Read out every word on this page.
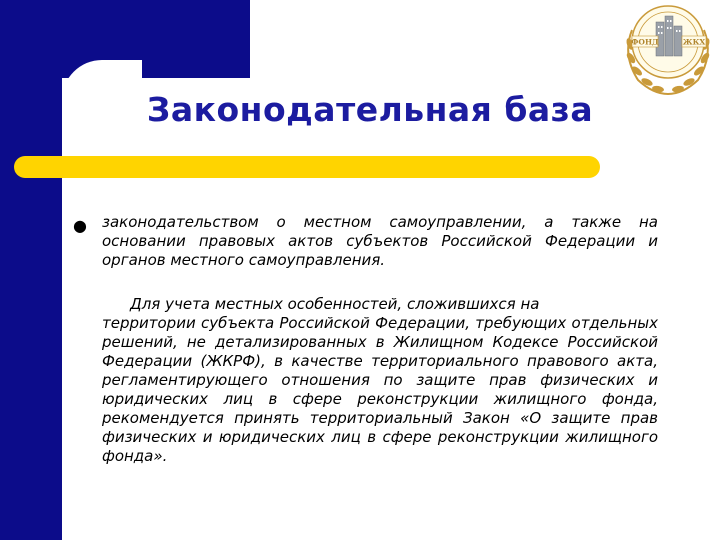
Законодательная база
● законодательством о местном самоуправлении, а также на основании правовых актов субъектов Российской Федерации и органов местного самоуправления.
Для учета местных особенностей, сложившихся на
территории субъекта Российской Федерации, требующих отдельных решений, не детализированных в Жилищном Кодексе Российской Федерации (ЖКРФ), в качестве территориального правового акта, регламентирующего отношения по защите прав физических и юридических лиц в сфере реконструкции жилищного фонда, рекомендуется принять территориальный Закон «О защите прав физических и юридических лиц в сфере реконструкции жилищного фонда».
ФОНД	ЖКХ
